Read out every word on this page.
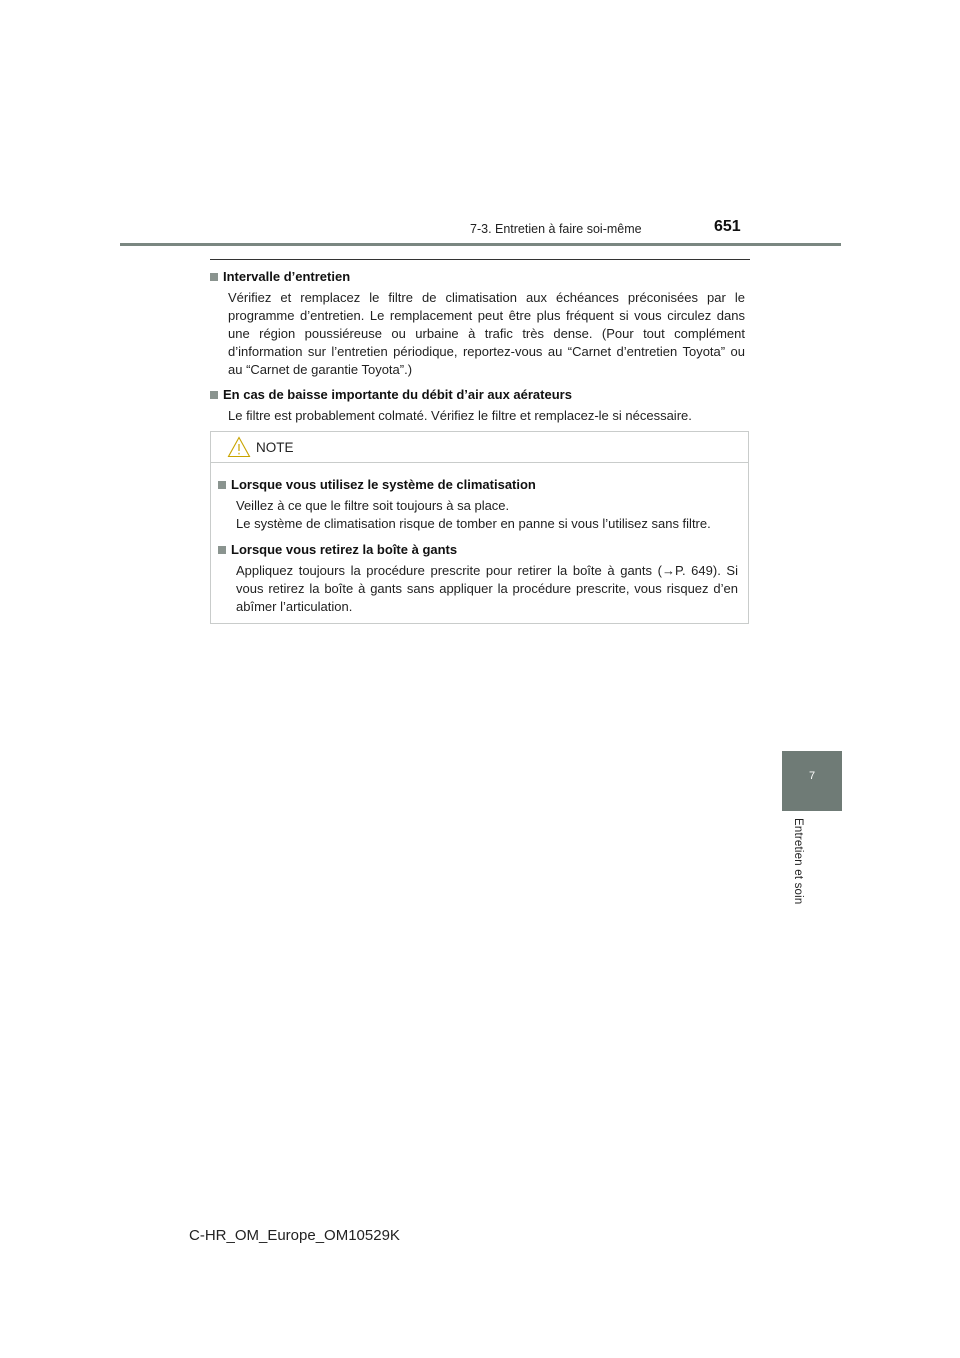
7-3. Entretien à faire soi-même	651
7
Entretien et soin
Intervalle d’entretien
Vérifiez et remplacez le filtre de climatisation aux échéances préconisées par le programme d’entretien. Le remplacement peut être plus fréquent si vous circulez dans une région poussiéreuse ou urbaine à trafic très dense. (Pour tout complément d’information sur l’entretien périodique, reportez-vous au “Carnet d’entretien Toyota” ou au “Carnet de garantie Toyota”.)
En cas de baisse importante du débit d’air aux aérateurs
Le filtre est probablement colmaté. Vérifiez le filtre et remplacez-le si nécessaire.
NOTE
Lorsque vous utilisez le système de climatisation
Veillez à ce que le filtre soit toujours à sa place.
Le système de climatisation risque de tomber en panne si vous l’utilisez sans filtre.
Lorsque vous retirez la boîte à gants
Appliquez toujours la procédure prescrite pour retirer la boîte à gants (→P. 649). Si vous retirez la boîte à gants sans appliquer la procédure prescrite, vous risquez d’en abîmer l’articulation.
C-HR_OM_Europe_OM10529K
